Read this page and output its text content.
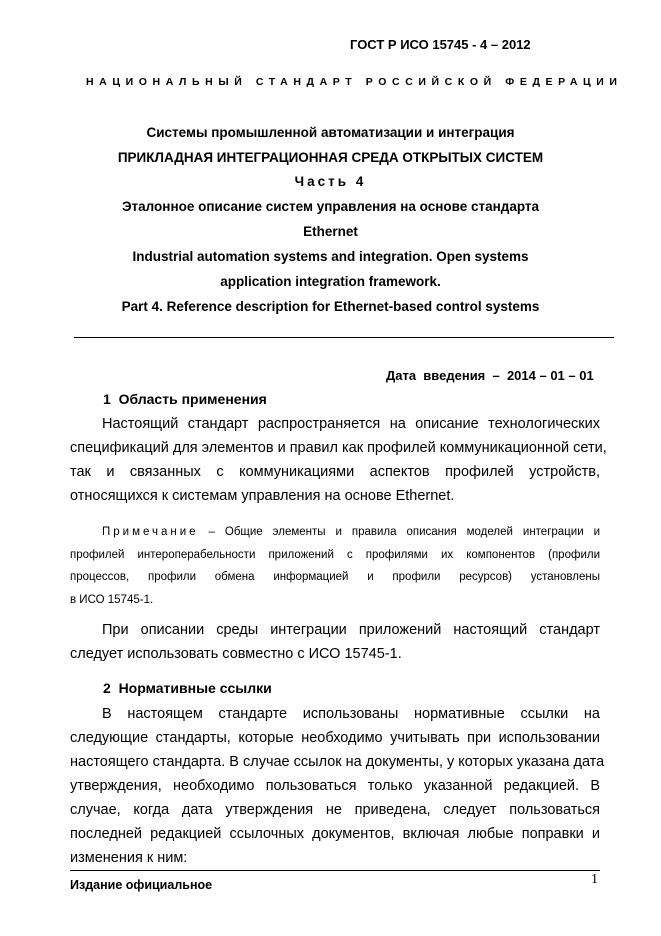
ГОСТ Р ИСО 15745 - 4 – 2012
НАЦИОНАЛЬНЫЙ СТАНДАРТ РОССИЙСКОЙ ФЕДЕРАЦИИ
Системы промышленной автоматизации и интеграция
ПРИКЛАДНАЯ ИНТЕГРАЦИОННАЯ СРЕДА ОТКРЫТЫХ СИСТЕМ
Часть 4
Эталонное описание систем управления на основе стандарта
Ethernet
Industrial automation systems and integration. Open systems
application integration framework.
Part 4. Reference description for Ethernet-based control systems
Дата  введения  –  2014 – 01 – 01
1  Область применения
Настоящий стандарт распространяется на описание технологических
спецификаций для элементов и правил как профилей коммуникационной сети,
так и связанных с коммуникациями аспектов профилей устройств,
относящихся к системам управления на основе Ethernet.
Примечание – Общие элементы и правила описания моделей интеграции и
профилей интероперабельности приложений с профилями их компонентов (профили
процессов, профили обмена информацией и профили ресурсов) установлены
в ИСО 15745-1.
При описании среды интеграции приложений настоящий стандарт
следует использовать совместно с ИСО 15745-1.
2  Нормативные ссылки
В настоящем стандарте использованы нормативные ссылки на
следующие стандарты, которые необходимо учитывать при использовании
настоящего стандарта. В случае ссылок на документы, у которых указана дата
утверждения, необходимо пользоваться только указанной редакцией. В
случае, когда дата утверждения не приведена, следует пользоваться
последней редакцией ссылочных документов, включая любые поправки и
изменения к ним:
Издание официальное	1
